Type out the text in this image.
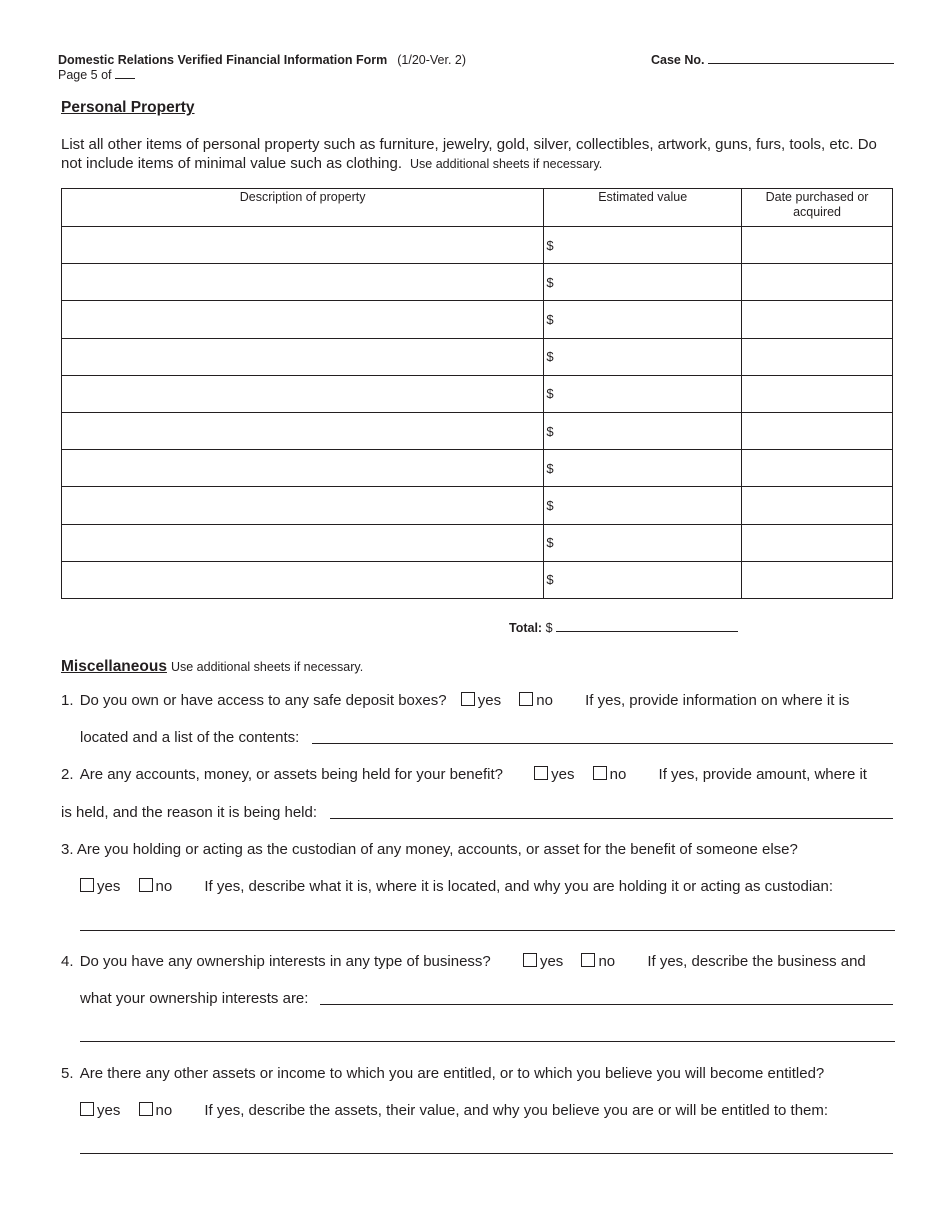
Domestic Relations Verified Financial Information Form (1/20-Ver. 2)
Page 5 of
Case No.
Personal Property
List all other items of personal property such as furniture, jewelry, gold, silver, collectibles, artwork, guns, furs, tools, etc. Do not include items of minimal value such as clothing. Use additional sheets if necessary.
Description of property	Estimated value	Date purchased or acquired
	$	
	$	
	$	
	$	
	$	
	$	
	$	
	$	
	$	
	$	
Total: $
Miscellaneous Use additional sheets if necessary.
1. Do you own or have access to any safe deposit boxes? yes no If yes, provide information on where it is
located and a list of the contents:
2. Are any accounts, money, or assets being held for your benefit?	yes no If yes, provide amount, where it
is held, and the reason it is being held:
3. Are you holding or acting as the custodian of any money, accounts, or asset for the benefit of someone else?
yes no If yes, describe what it is, where it is located, and why you are holding it or acting as custodian:
4. Do you have any ownership interests in any type of business?	yes no If yes, describe the business and
what your ownership interests are:
5. Are there any other assets or income to which you are entitled, or to which you believe you will become entitled?
yes no If yes, describe the assets, their value, and why you believe you are or will be entitled to them:
